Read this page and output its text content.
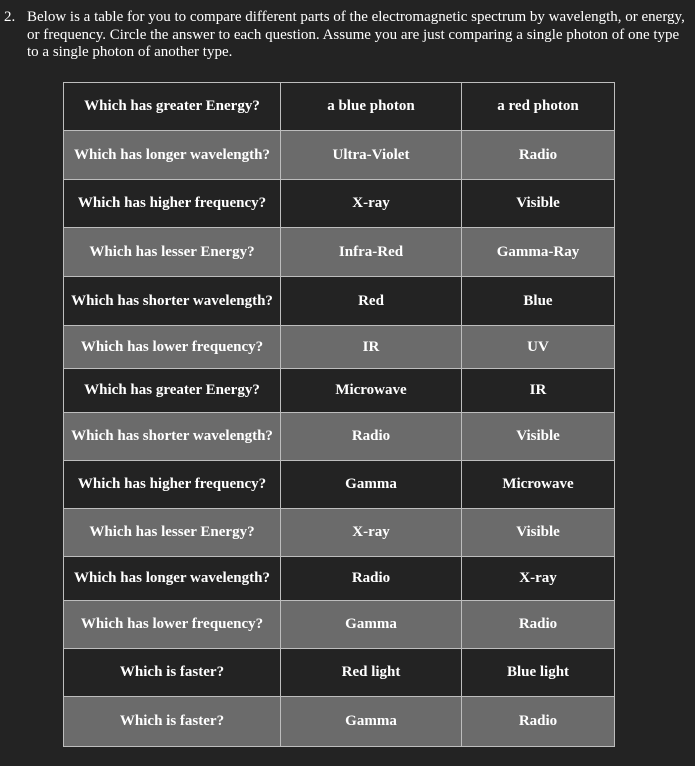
2. Below is a table for you to compare different parts of the electromagnetic spectrum by wavelength, or energy, or frequency. Circle the answer to each question. Assume you are just comparing a single photon of one type to a single photon of another type.
Which has greater Energy?	a blue photon	a red photon
Which has longer wavelength?	Ultra-Violet	Radio
Which has higher frequency?	X-ray	Visible
Which has lesser Energy?	Infra-Red	Gamma-Ray
Which has shorter wavelength?	Red	Blue
Which has lower frequency?	IR	UV
Which has greater Energy?	Microwave	IR
Which has shorter wavelength?	Radio	Visible
Which has higher frequency?	Gamma	Microwave
Which has lesser Energy?	X-ray	Visible
Which has longer wavelength?	Radio	X-ray
Which has lower frequency?	Gamma	Radio
Which is faster?	Red light	Blue light
Which is faster?	Gamma	Radio
